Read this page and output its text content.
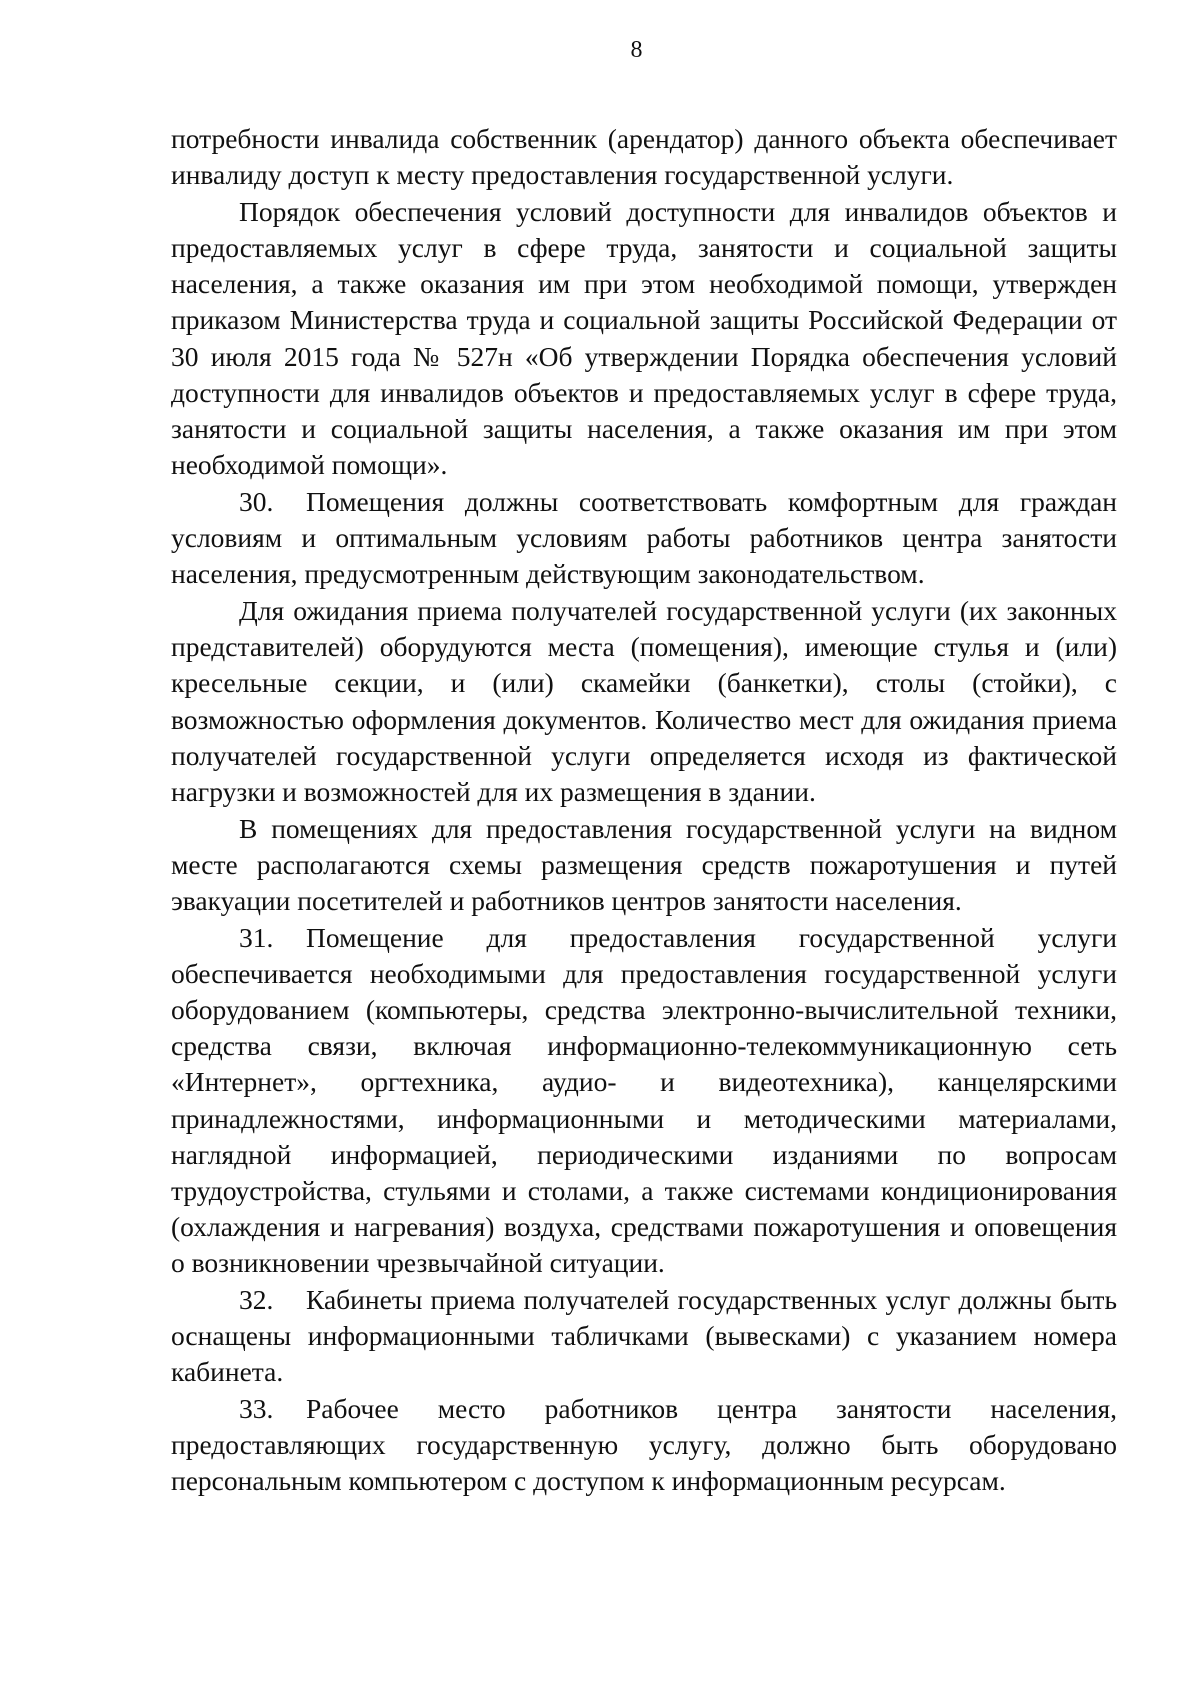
8

потребности инвалида собственник (арендатор) данного объекта обеспечивает инвалиду доступ к месту предоставления государственной услуги.

Порядок обеспечения условий доступности для инвалидов объектов и предоставляемых услуг в сфере труда, занятости и социальной защиты населения, а также оказания им при этом необходимой помощи, утвержден приказом Министерства труда и социальной защиты Российской Федерации от 30 июля 2015 года № 527н «Об утверждении Порядка обеспечения условий доступности для инвалидов объектов и предоставляемых услуг в сфере труда, занятости и социальной защиты населения, а также оказания им при этом необходимой помощи».

30. Помещения должны соответствовать комфортным для граждан условиям и оптимальным условиям работы работников центра занятости населения, предусмотренным действующим законодательством.

Для ожидания приема получателей государственной услуги (их законных представителей) оборудуются места (помещения), имеющие стулья и (или) кресельные секции, и (или) скамейки (банкетки), столы (стойки), с возможностью оформления документов. Количество мест для ожидания приема получателей государственной услуги определяется исходя из фактической нагрузки и возможностей для их размещения в здании.

В помещениях для предоставления государственной услуги на видном месте располагаются схемы размещения средств пожаротушения и путей эвакуации посетителей и работников центров занятости населения.

31. Помещение для предоставления государственной услуги обеспечивается необходимыми для предоставления государственной услуги оборудованием (компьютеры, средства электронно-вычислительной техники, средства связи, включая информационно-телекоммуникационную сеть «Интернет», оргтехника, аудио- и видеотехника), канцелярскими принадлежностями, информационными и методическими материалами, наглядной информацией, периодическими изданиями по вопросам трудоустройства, стульями и столами, а также системами кондиционирования (охлаждения и нагревания) воздуха, средствами пожаротушения и оповещения о возникновении чрезвычайной ситуации.

32. Кабинеты приема получателей государственных услуг должны быть оснащены информационными табличками (вывесками) с указанием номера кабинета.

33. Рабочее место работников центра занятости населения, предоставляющих государственную услугу, должно быть оборудовано персональным компьютером с доступом к информационным ресурсам.
